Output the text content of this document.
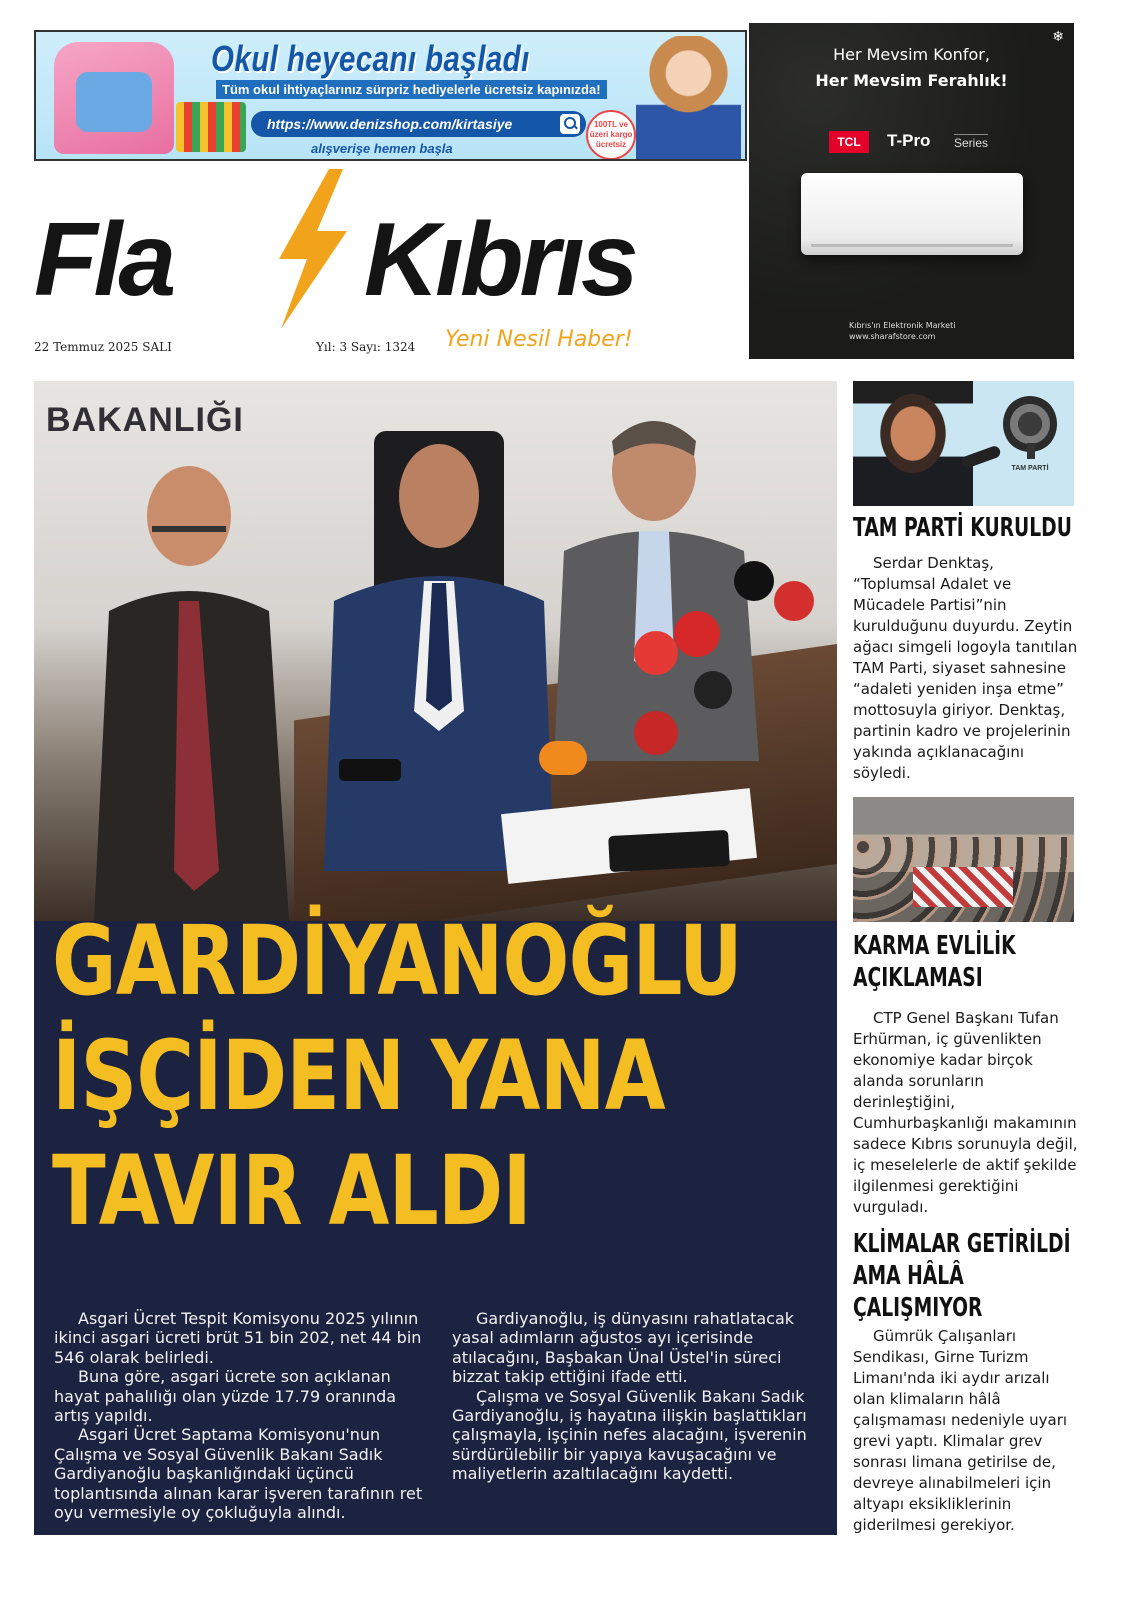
Okul heyecanı başladı
Tüm okul ihtiyaçlarınız sürpriz hediyelerle ücretsiz kapınızda!
https://www.denizshop.com/kirtasiye	100TL ve üzeri kargo ücretsiz
alışverişe hemen başla
❄
Her Mevsim Konfor,
Her Mevsim Ferahlık!
TCL	T-Pro Series
Kıbrıs'ın Elektronik Marketi
www.sharafstore.com
Fla Kıbrıs
Yeni Nesil Haber!
22 Temmuz 2025 SALI	Yıl: 3 Sayı: 1324
BAKANLIĞI
GARDİYANOĞLU
İŞÇİDEN YANA
TAVIR ALDI

Asgari Ücret Tespit Komisyonu 2025 yılının ikinci asgari ücreti brüt 51 bin 202, net 44 bin 546 olarak belirledi.

Buna göre, asgari ücrete son açıklanan hayat pahalılığı olan yüzde 17.79 oranında artış yapıldı.

Asgari Ücret Saptama Komisyonu'nun Çalışma ve Sosyal Güvenlik Bakanı Sadık Gardiyanoğlu başkanlığındaki üçüncü toplantısında alınan karar işveren tarafının ret oyu vermesiyle oy çokluğuyla alındı.

Gardiyanoğlu, iş dünyasını rahatlatacak yasal adımların ağustos ayı içerisinde atılacağını, Başbakan Ünal Üstel'in süreci bizzat takip ettiğini ifade etti.

Çalışma ve Sosyal Güvenlik Bakanı Sadık Gardiyanoğlu, iş hayatına ilişkin başlattıkları çalışmayla, işçinin nefes alacağını, işverenin sürdürülebilir bir yapıya kavuşacağını ve maliyetlerin azaltılacağını kaydetti.

TAM PARTİ
TAM PARTİ KURULDU
Serdar Denktaş, “Toplumsal Adalet ve Mücadele Partisi”nin kurulduğunu duyurdu. Zeytin ağacı simgeli logoyla tanıtılan TAM Parti, siyaset sahnesine “adaleti yeniden inşa etme” mottosuyla giriyor. Denktaş, partinin kadro ve projelerinin yakında açıklanacağını söyledi.
KARMA EVLİLİK
AÇIKLAMASI
CTP Genel Başkanı Tufan Erhürman, iç güvenlikten ekonomiye kadar birçok alanda sorunların derinleştiğini, Cumhurbaşkanlığı makamının sadece Kıbrıs sorunuyla değil, iç meselelerle de aktif şekilde ilgilenmesi gerektiğini vurguladı.
KLİMALAR GETİRİLDİ
AMA HÂLÂ
ÇALIŞMIYOR
Gümrük Çalışanları Sendikası, Girne Turizm Limanı'nda iki aydır arızalı olan klimaların hâlâ çalışmaması nedeniyle uyarı grevi yaptı. Klimalar grev sonrası limana getirilse de, devreye alınabilmeleri için altyapı eksikliklerinin giderilmesi gerekiyor.
